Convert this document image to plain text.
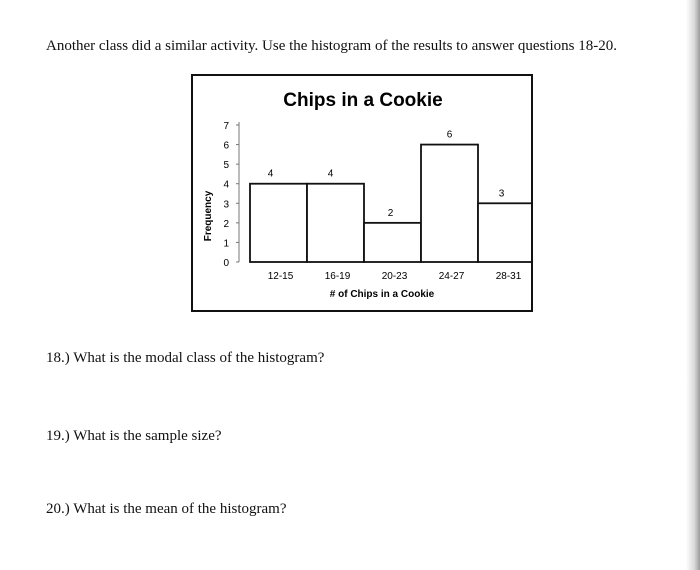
Another class did a similar activity. Use the histogram of the results to answer questions 18-20.
Chips in a Cookie
Frequency
# of Chips in a Cookie
0
1
2
3
4
5
6
7
4
12-15
4
16-19
2
20-23
6
24-27
3
28-31
18.) What is the modal class of the histogram?
19.) What is the sample size?
20.) What is the mean of the histogram?
